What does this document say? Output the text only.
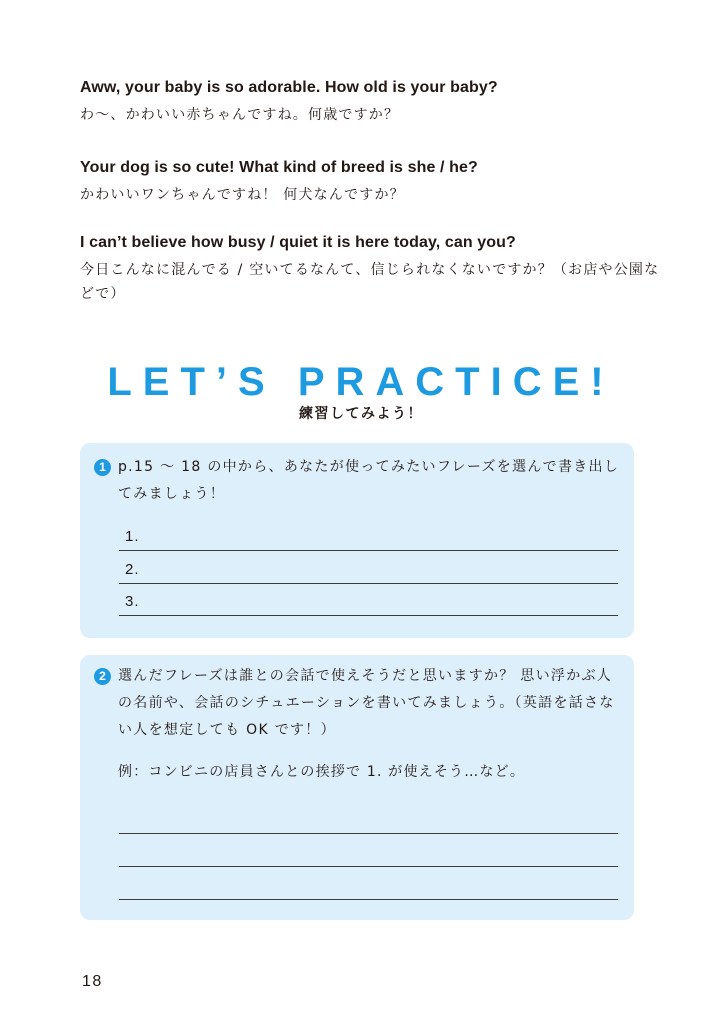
Aww, your baby is so adorable. How old is your baby?

わ〜、かわいい赤ちゃんですね。何歳ですか？

Your dog is so cute! What kind of breed is she / he?

かわいいワンちゃんですね！ 何犬なんですか？

I can’t believe how busy / quiet it is here today, can you?

今日こんなに混んでる / 空いてるなんて、信じられなくないですか？（お店や公園などで）

LET’S PRACTICE!
練習してみよう！
1 p.15 ～ 18 の中から、あなたが使ってみたいフレーズを選んで書き出してみましょう！

1.
2.
3.
2 選んだフレーズは誰との会話で使えそうだと思いますか？ 思い浮かぶ人の名前や、会話のシチュエーションを書いてみましょう。（英語を話さない人を想定しても OK です！）

例：コンビニの店員さんとの挨拶で 1. が使えそう…など。
18
